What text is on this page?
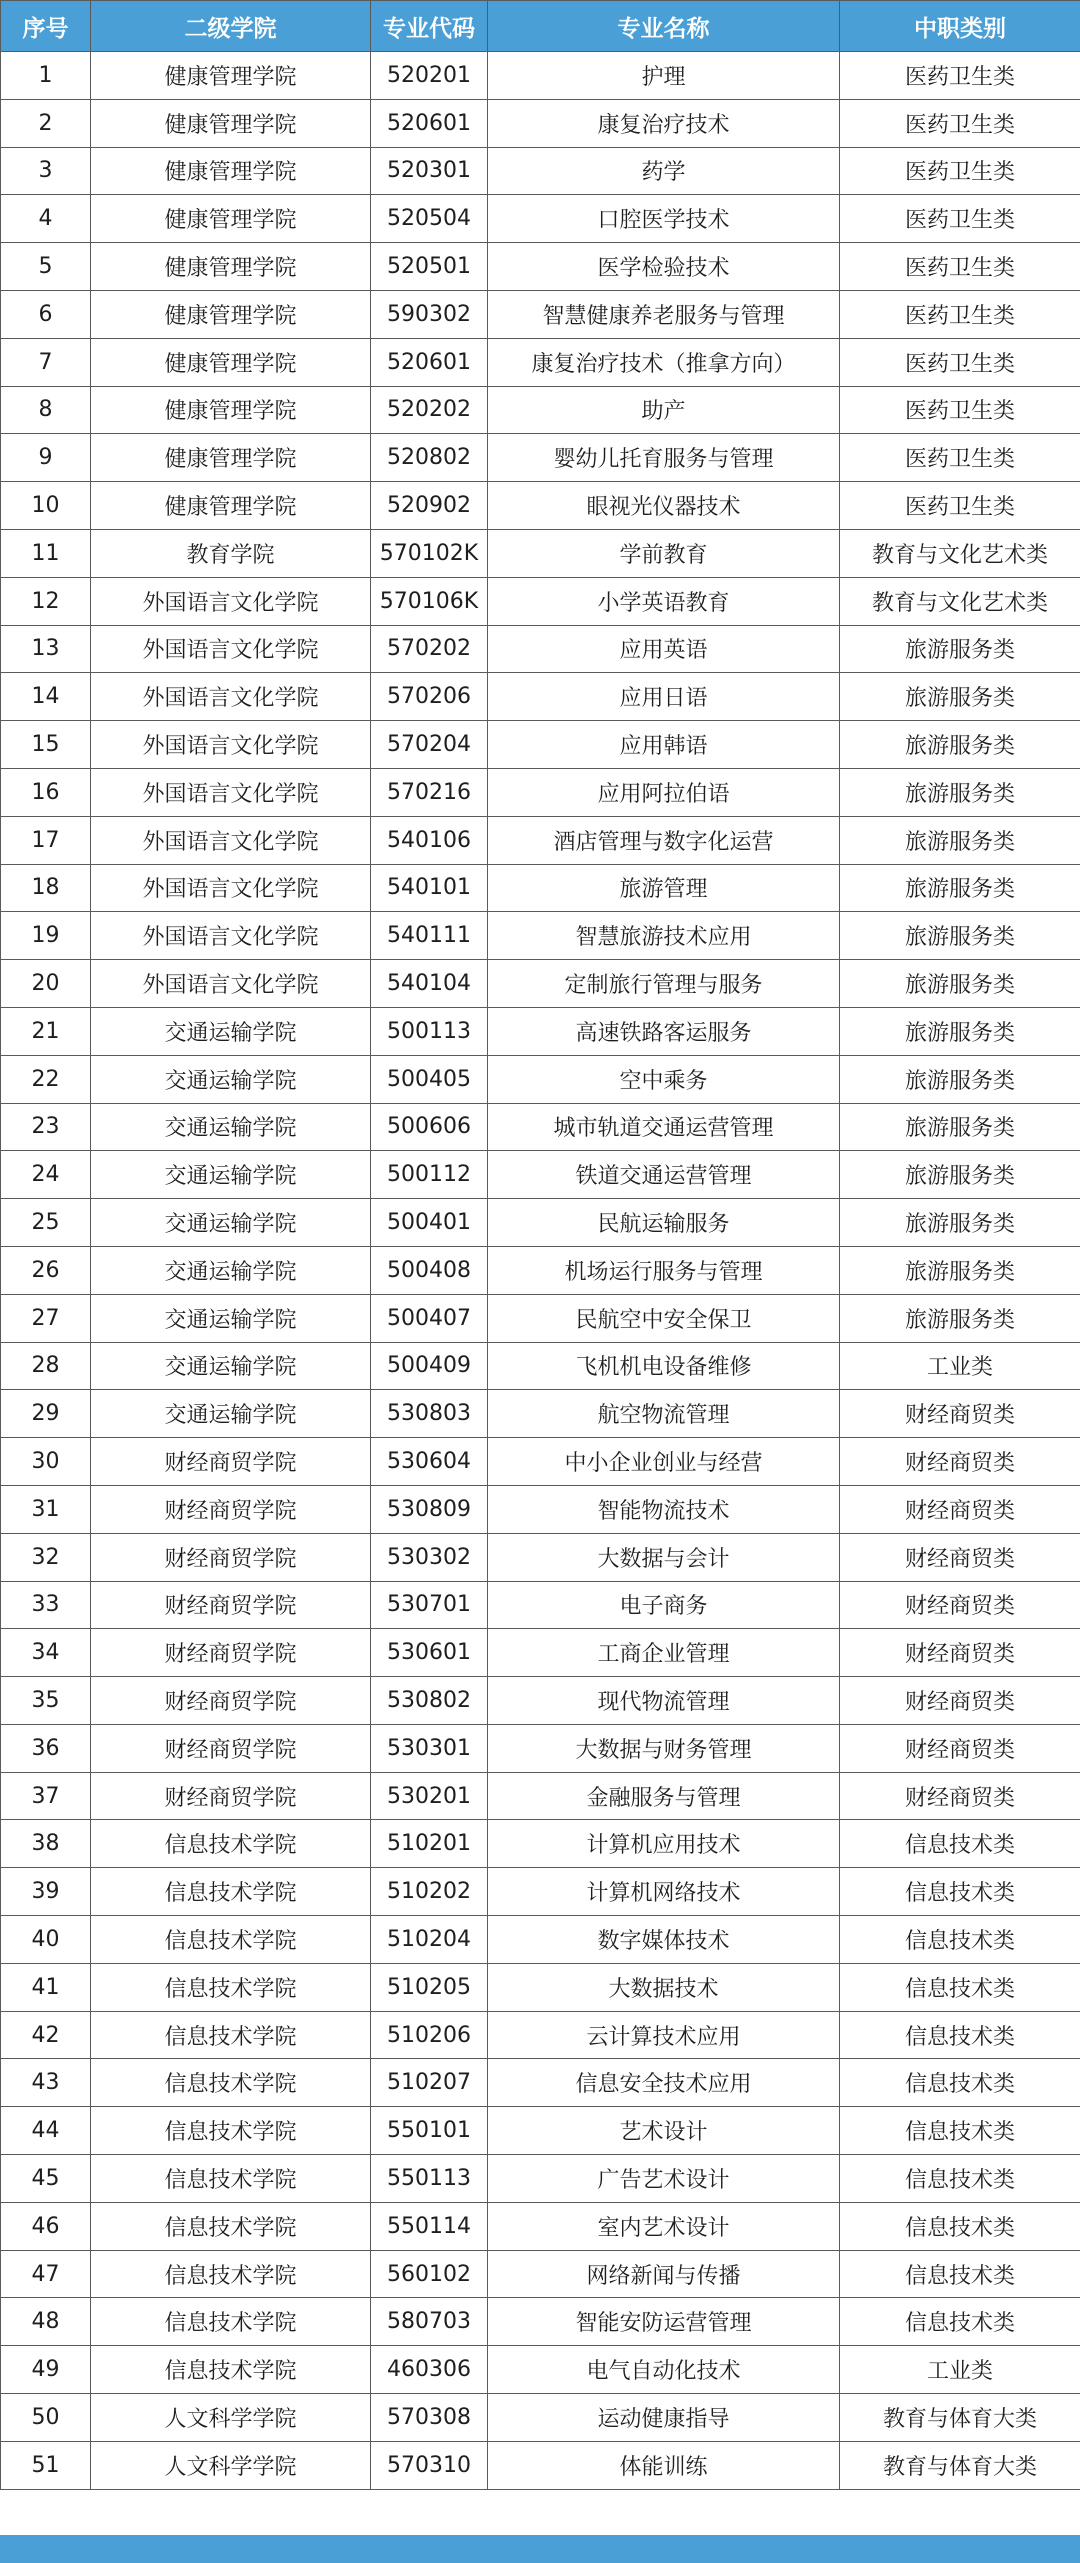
序号	二级学院	专业代码	专业名称	中职类别
1	健康管理学院	520201	护理	医药卫生类
2	健康管理学院	520601	康复治疗技术	医药卫生类
3	健康管理学院	520301	药学	医药卫生类
4	健康管理学院	520504	口腔医学技术	医药卫生类
5	健康管理学院	520501	医学检验技术	医药卫生类
6	健康管理学院	590302	智慧健康养老服务与管理	医药卫生类
7	健康管理学院	520601	康复治疗技术（推拿方向）	医药卫生类
8	健康管理学院	520202	助产	医药卫生类
9	健康管理学院	520802	婴幼儿托育服务与管理	医药卫生类
10	健康管理学院	520902	眼视光仪器技术	医药卫生类
11	教育学院	570102K	学前教育	教育与文化艺术类
12	外国语言文化学院	570106K	小学英语教育	教育与文化艺术类
13	外国语言文化学院	570202	应用英语	旅游服务类
14	外国语言文化学院	570206	应用日语	旅游服务类
15	外国语言文化学院	570204	应用韩语	旅游服务类
16	外国语言文化学院	570216	应用阿拉伯语	旅游服务类
17	外国语言文化学院	540106	酒店管理与数字化运营	旅游服务类
18	外国语言文化学院	540101	旅游管理	旅游服务类
19	外国语言文化学院	540111	智慧旅游技术应用	旅游服务类
20	外国语言文化学院	540104	定制旅行管理与服务	旅游服务类
21	交通运输学院	500113	高速铁路客运服务	旅游服务类
22	交通运输学院	500405	空中乘务	旅游服务类
23	交通运输学院	500606	城市轨道交通运营管理	旅游服务类
24	交通运输学院	500112	铁道交通运营管理	旅游服务类
25	交通运输学院	500401	民航运输服务	旅游服务类
26	交通运输学院	500408	机场运行服务与管理	旅游服务类
27	交通运输学院	500407	民航空中安全保卫	旅游服务类
28	交通运输学院	500409	飞机机电设备维修	工业类
29	交通运输学院	530803	航空物流管理	财经商贸类
30	财经商贸学院	530604	中小企业创业与经营	财经商贸类
31	财经商贸学院	530809	智能物流技术	财经商贸类
32	财经商贸学院	530302	大数据与会计	财经商贸类
33	财经商贸学院	530701	电子商务	财经商贸类
34	财经商贸学院	530601	工商企业管理	财经商贸类
35	财经商贸学院	530802	现代物流管理	财经商贸类
36	财经商贸学院	530301	大数据与财务管理	财经商贸类
37	财经商贸学院	530201	金融服务与管理	财经商贸类
38	信息技术学院	510201	计算机应用技术	信息技术类
39	信息技术学院	510202	计算机网络技术	信息技术类
40	信息技术学院	510204	数字媒体技术	信息技术类
41	信息技术学院	510205	大数据技术	信息技术类
42	信息技术学院	510206	云计算技术应用	信息技术类
43	信息技术学院	510207	信息安全技术应用	信息技术类
44	信息技术学院	550101	艺术设计	信息技术类
45	信息技术学院	550113	广告艺术设计	信息技术类
46	信息技术学院	550114	室内艺术设计	信息技术类
47	信息技术学院	560102	网络新闻与传播	信息技术类
48	信息技术学院	580703	智能安防运营管理	信息技术类
49	信息技术学院	460306	电气自动化技术	工业类
50	人文科学学院	570308	运动健康指导	教育与体育大类
51	人文科学学院	570310	体能训练	教育与体育大类
